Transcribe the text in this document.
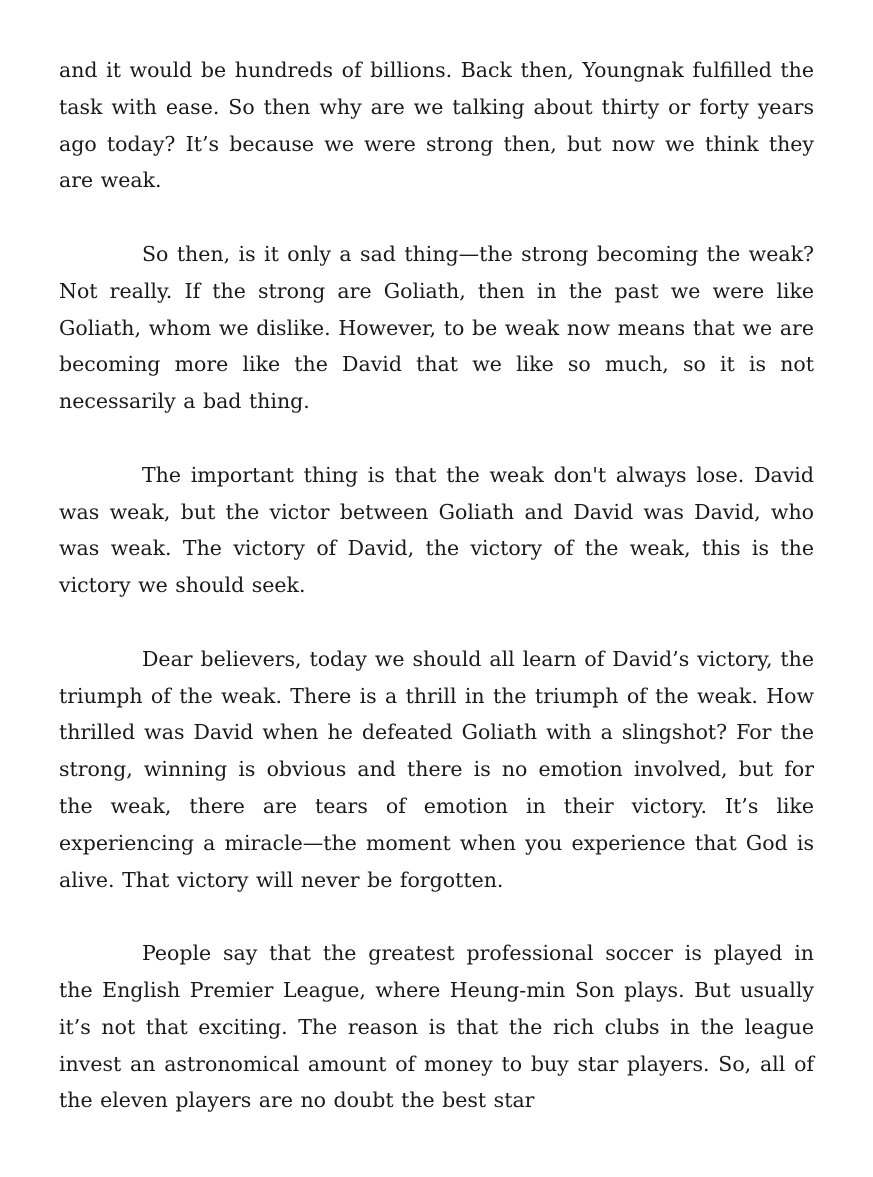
and it would be hundreds of billions. Back then, Youngnak fulfilled the task with ease. So then why are we talking about thirty or forty years ago today? It’s because we were strong then, but now we think they are weak.

So then, is it only a sad thing—the strong becoming the weak? Not really. If the strong are Goliath, then in the past we were like Goliath, whom we dislike. However, to be weak now means that we are becoming more like the David that we like so much, so it is not necessarily a bad thing.

The important thing is that the weak don't always lose. David was weak, but the victor between Goliath and David was David, who was weak. The victory of David, the victory of the weak, this is the victory we should seek.

Dear believers, today we should all learn of David’s victory, the triumph of the weak. There is a thrill in the triumph of the weak. How thrilled was David when he defeated Goliath with a slingshot? For the strong, winning is obvious and there is no emotion involved, but for the weak, there are tears of emotion in their victory. It’s like experiencing a miracle—the moment when you experience that God is alive. That victory will never be forgotten.

People say that the greatest professional soccer is played in the English Premier League, where Heung-min Son plays. But usually it’s not that exciting. The reason is that the rich clubs in the league invest an astronomical amount of money to buy star players. So, all of the eleven players are no doubt the best star
